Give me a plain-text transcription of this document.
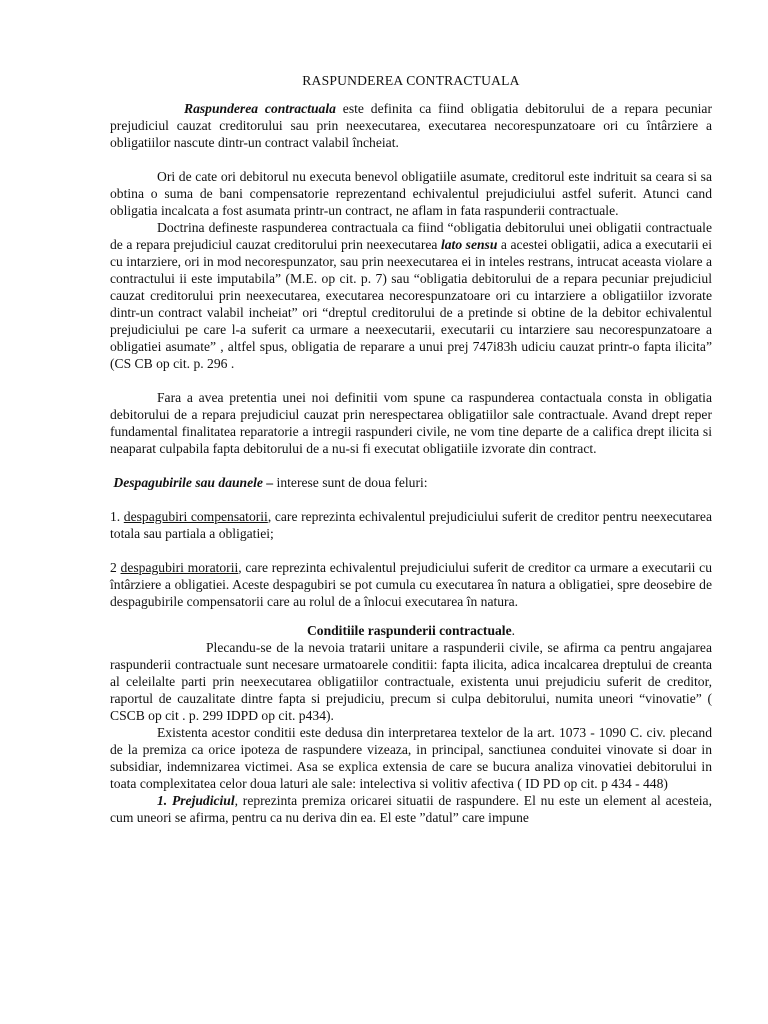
RASPUNDEREA CONTRACTUALA

Raspunderea contractuala este definita ca fiind obligatia debitorului de a repara pecuniar prejudiciul cauzat creditorului sau prin neexecutarea, executarea necorespunzatoare ori cu întârziere a obligatiilor nascute dintr-un contract valabil încheiat.

Ori de cate ori debitorul nu executa benevol obligatiile asumate, creditorul este indrituit sa ceara si sa obtina o suma de bani compensatorie reprezentand echivalentul prejudiciului astfel suferit. Atunci cand obligatia incalcata a fost asumata printr-un contract, ne aflam in fata raspunderii contractuale.

Doctrina defineste raspunderea contractuala ca fiind “obligatia debitorului unei obligatii contractuale de a repara prejudiciul cauzat creditorului prin neexecutarea lato sensu a acestei obligatii, adica a executarii ei cu intarziere, ori in mod necorespunzator, sau prin neexecutarea ei in inteles restrans, intrucat aceasta violare a contractului ii este imputabila” (M.E. op cit. p. 7) sau “obligatia debitorului de a repara pecuniar prejudiciul cauzat creditorului prin neexecutarea, executarea necorespunzatoare ori cu intarziere a obligatiilor izvorate dintr-un contract valabil incheiat” ori “dreptul creditorului de a pretinde si obtine de la debitor echivalentul prejudiciului pe care l-a suferit ca urmare a neexecutarii, executarii cu intarziere sau necorespunzatoare a obligatiei asumate” , altfel spus, obligatia de reparare a unui prej 747i83h udiciu cauzat printr-o fapta ilicita” (CS CB op cit. p. 296 .

Fara a avea pretentia unei noi definitii vom spune ca raspunderea contactuala consta in obligatia debitorului de a repara prejudiciul cauzat prin nerespectarea obligatiilor sale contractuale. Avand drept reper fundamental finalitatea reparatorie a intregii raspunderi civile, ne vom tine departe de a califica drept ilicita si neaparat culpabila fapta debitorului de a nu-si fi executat obligatiile izvorate din contract.

Despagubirile sau daunele – interese sunt de doua feluri:

1. despagubiri compensatorii, care reprezinta echivalentul prejudiciului suferit de creditor pentru neexecutarea totala sau partiala a obligatiei;

2 despagubiri moratorii, care reprezinta echivalentul prejudiciului suferit de creditor ca urmare a executarii cu întârziere a obligatiei. Aceste despagubiri se pot cumula cu executarea în natura a obligatiei, spre deosebire de despagubirile compensatorii care au rolul de a înlocui executarea în natura.

Conditiile raspunderii contractuale.

Plecandu-se de la nevoia tratarii unitare a raspunderii civile, se afirma ca pentru angajarea raspunderii contractuale sunt necesare urmatoarele conditii: fapta ilicita, adica incalcarea dreptului de creanta al celeilalte parti prin neexecutarea obligatiilor contractuale, existenta unui prejudiciu suferit de creditor, raportul de cauzalitate dintre fapta si prejudiciu, precum si culpa debitorului, numita uneori “vinovatie” ( CSCB op cit . p. 299 IDPD op cit. p434).

Existenta acestor conditii este dedusa din interpretarea textelor de la art. 1073 - 1090 C. civ. plecand de la premiza ca orice ipoteza de raspundere vizeaza, in principal, sanctiunea conduitei vinovate si doar in subsidiar, indemnizarea victimei. Asa se explica extensia de care se bucura analiza vinovatiei debitorului in toata complexitatea celor doua laturi ale sale: intelectiva si volitiv afectiva ( ID PD op cit. p 434 - 448)

1. Prejudiciul, reprezinta premiza oricarei situatii de raspundere. El nu este un element al acesteia, cum uneori se afirma, pentru ca nu deriva din ea. El este ”datul” care impune
